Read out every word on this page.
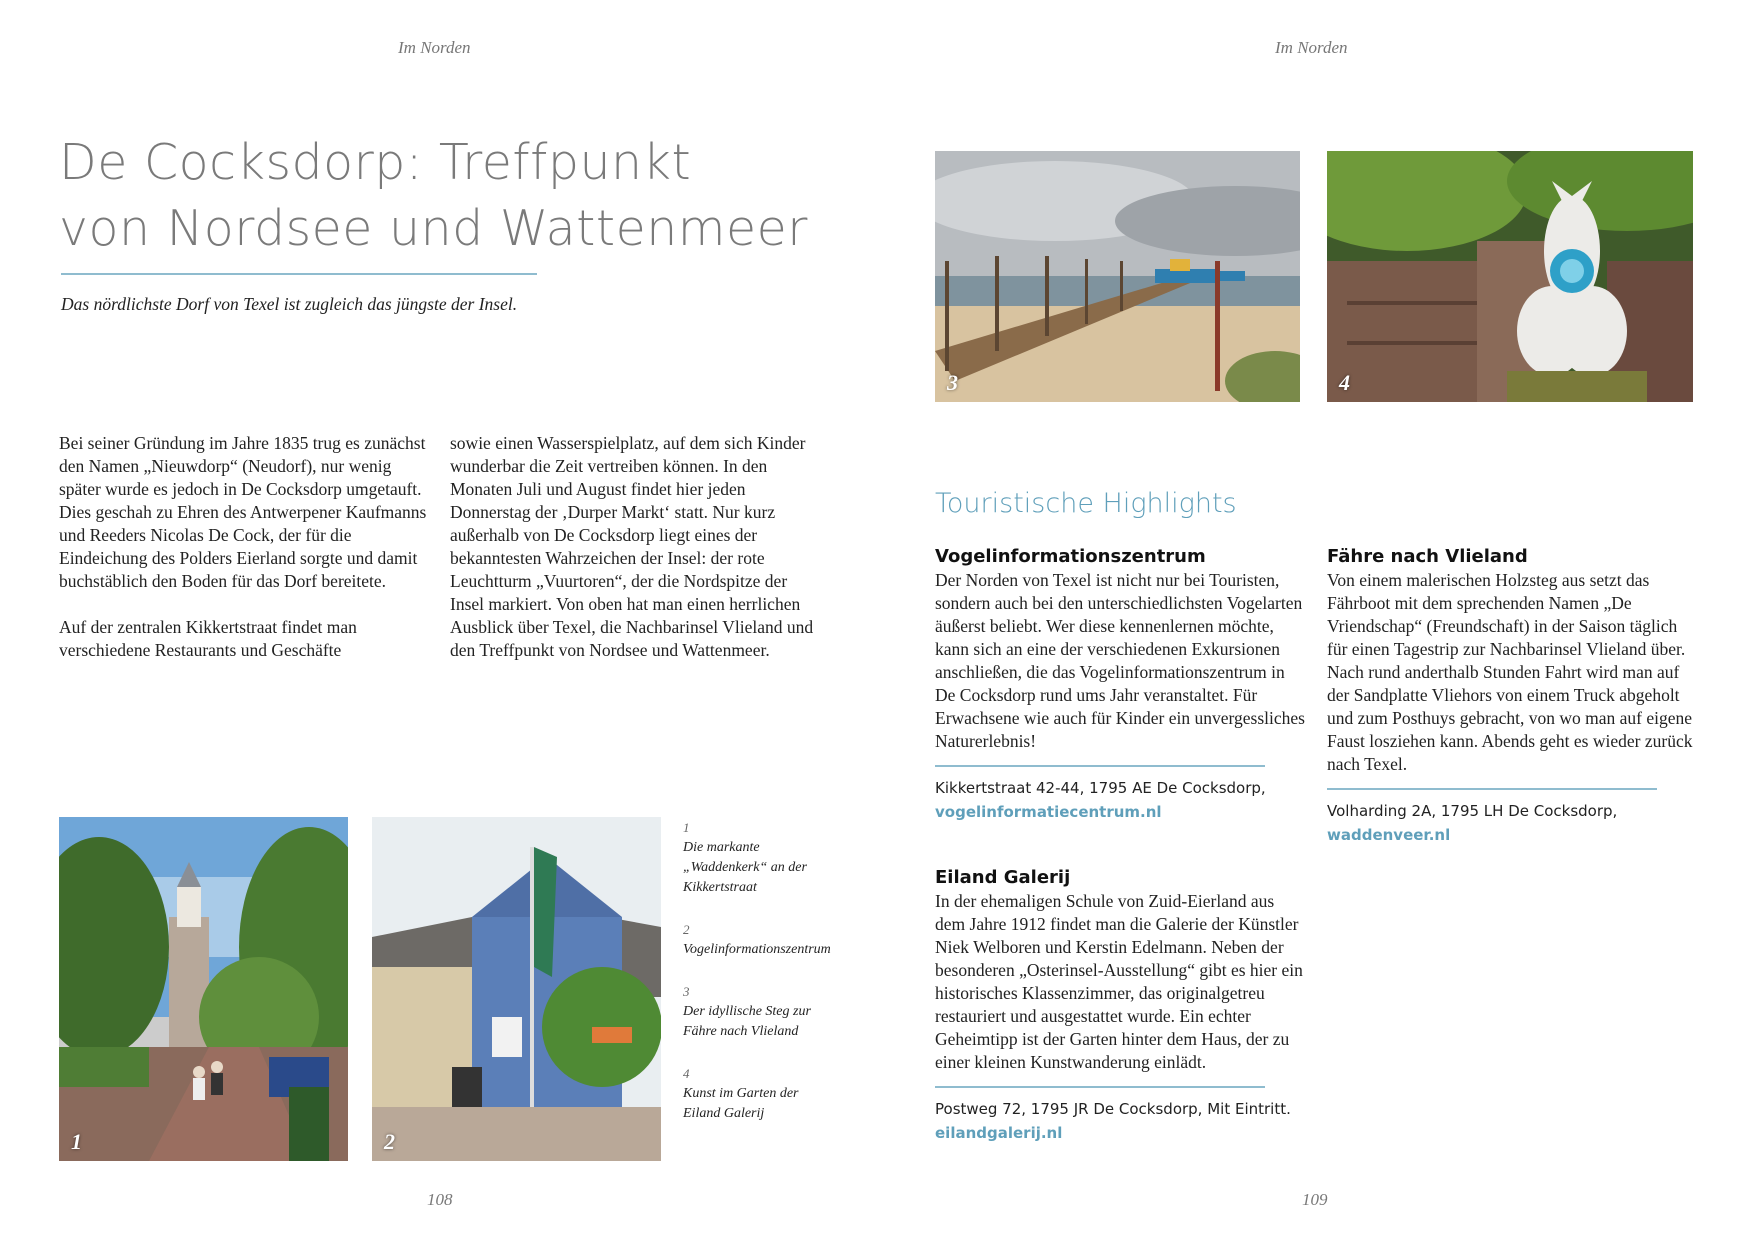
Im Norden
De Cocksdorp: Treffpunkt
von Nordsee und Wattenmeer

Das nördlichste Dorf von Texel ist zugleich das jüngste der Insel.

Bei seiner Gründung im Jahre 1835 trug es zunächst den Namen „Nieuwdorp“ (Neudorf), nur wenig später wurde es jedoch in De Cocksdorp umgetauft. Dies geschah zu Ehren des Antwerpener Kaufmanns und Reeders Nicolas De Cock, der für die Eindeichung des Polders Eierland sorgte und damit buchstäblich den Boden für das Dorf bereitete.

Auf der zentralen Kikkertstraat findet man verschiedene Restaurants und Geschäfte

sowie einen Wasserspielplatz, auf dem sich Kinder wunderbar die Zeit vertreiben können. In den Monaten Juli und August findet hier jeden Donnerstag der ‚Durper Markt‘ statt. Nur kurz außerhalb von De Cocksdorp liegt eines der bekanntesten Wahrzeichen der Insel: der rote Leuchtturm „Vuurtoren“, der die Nordspitze der Insel markiert. Von oben hat man einen herrlichen Ausblick über Texel, die Nachbarinsel Vlieland und den Treffpunkt von Nordsee und Wattenmeer.

1	2
1
Die markante „Waddenkerk“ an der Kikkertstraat
2
Vogelinformationszentrum
3
Der idyllische Steg zur Fähre nach Vlieland
4
Kunst im Garten der Eiland Galerij
108
Im Norden
3	4
Touristische Highlights
Vogelinformationszentrum

Der Norden von Texel ist nicht nur bei Touristen, sondern auch bei den unterschiedlichsten Vogelarten äußerst beliebt. Wer diese kennenlernen möchte, kann sich an eine der verschiedenen Exkursionen anschließen, die das Vogelinformationszentrum in De Cocksdorp rund ums Jahr veranstaltet. Für Erwachsene wie auch für Kinder ein unvergessliches Naturerlebnis!

Kikkertstraat 42-44, 1795 AE De Cocksdorp,
vogelinformatiecentrum.nl
Eiland Galerij

In der ehemaligen Schule von Zuid-Eierland aus dem Jahre 1912 findet man die Galerie der Künstler Niek Welboren und Kerstin Edelmann. Neben der besonderen „Osterinsel-Ausstellung“ gibt es hier ein historisches Klassenzimmer, das originalgetreu restauriert und ausgestattet wurde. Ein echter Geheimtipp ist der Garten hinter dem Haus, der zu einer kleinen Kunstwanderung einlädt.

Postweg 72, 1795 JR De Cocksdorp, Mit Eintritt.
eilandgalerij.nl
Fähre nach Vlieland

Von einem malerischen Holzsteg aus setzt das Fährboot mit dem sprechenden Namen „De Vriendschap“ (Freundschaft) in der Saison täglich für einen Tagestrip zur Nachbarinsel Vlieland über. Nach rund anderthalb Stunden Fahrt wird man auf der Sandplatte Vliehors von einem Truck abgeholt und zum Posthuys gebracht, von wo man auf eigene Faust losziehen kann. Abends geht es wieder zurück nach Texel.

Volharding 2A, 1795 LH De Cocksdorp,
waddenveer.nl
109
